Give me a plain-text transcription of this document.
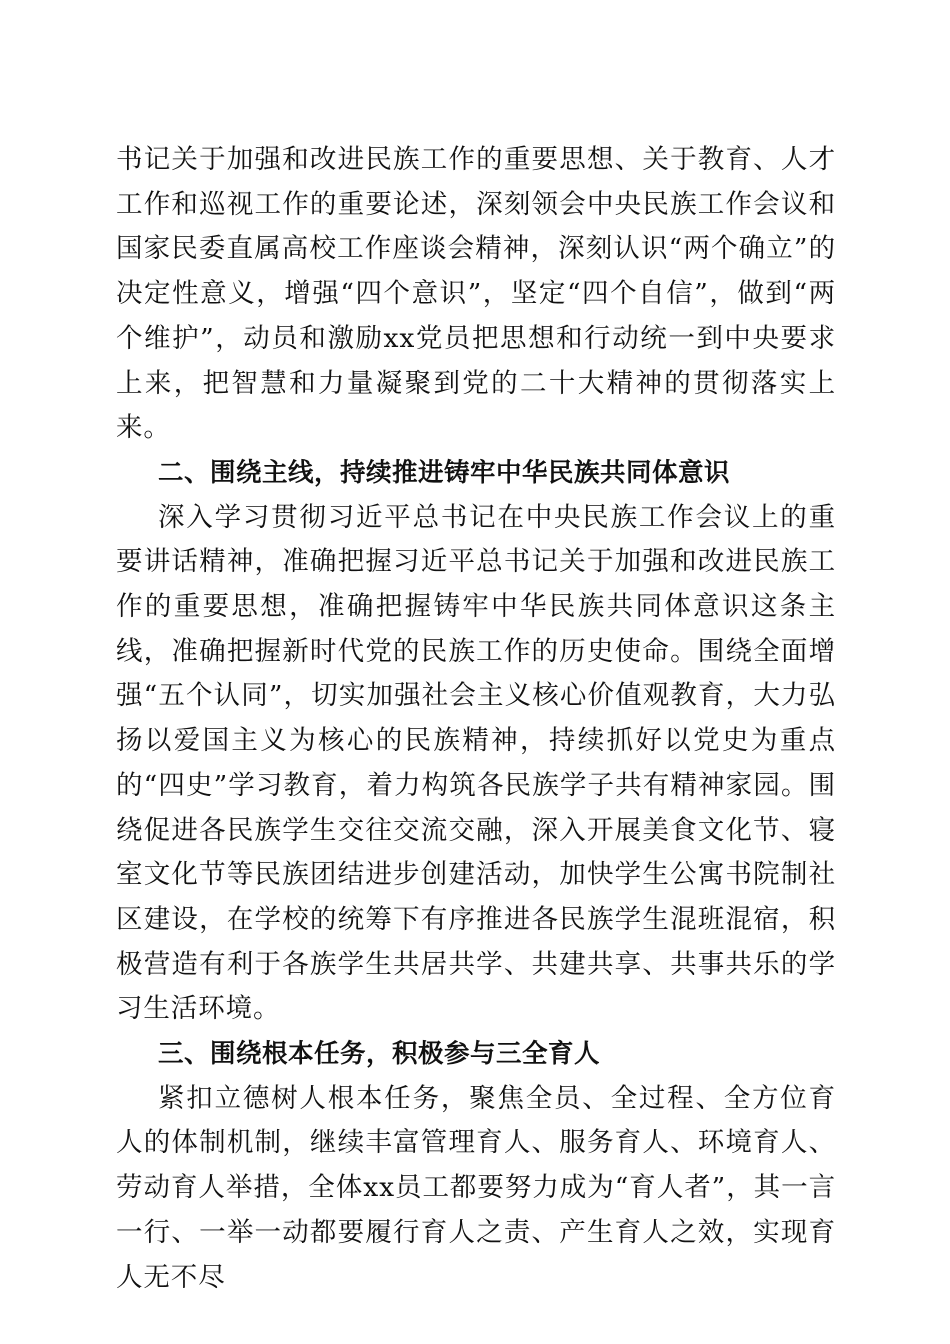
书记关于加强和改进民族工作的重要思想、关于教育、人才工作和巡视工作的重要论述，深刻领会中央民族工作会议和国家民委直属高校工作座谈会精神，深刻认识“两个确立”的决定性意义，增强“四个意识”，坚定“四个自信”，做到“两个维护”，动员和激励xx党员把思想和行动统一到中央要求上来，把智慧和力量凝聚到党的二十大精神的贯彻落实上来。

二、围绕主线，持续推进铸牢中华民族共同体意识

深入学习贯彻习近平总书记在中央民族工作会议上的重要讲话精神，准确把握习近平总书记关于加强和改进民族工作的重要思想，准确把握铸牢中华民族共同体意识这条主线，准确把握新时代党的民族工作的历史使命。围绕全面增强“五个认同”，切实加强社会主义核心价值观教育，大力弘扬以爱国主义为核心的民族精神，持续抓好以党史为重点的“四史”学习教育，着力构筑各民族学子共有精神家园。围绕促进各民族学生交往交流交融，深入开展美食文化节、寝室文化节等民族团结进步创建活动，加快学生公寓书院制社区建设，在学校的统筹下有序推进各民族学生混班混宿，积极营造有利于各族学生共居共学、共建共享、共事共乐的学习生活环境。

三、围绕根本任务，积极参与三全育人

紧扣立德树人根本任务，聚焦全员、全过程、全方位育人的体制机制，继续丰富管理育人、服务育人、环境育人、劳动育人举措，全体xx员工都要努力成为“育人者”，其一言一行、一举一动都要履行育人之责、产生育人之效，实现育人无不尽
